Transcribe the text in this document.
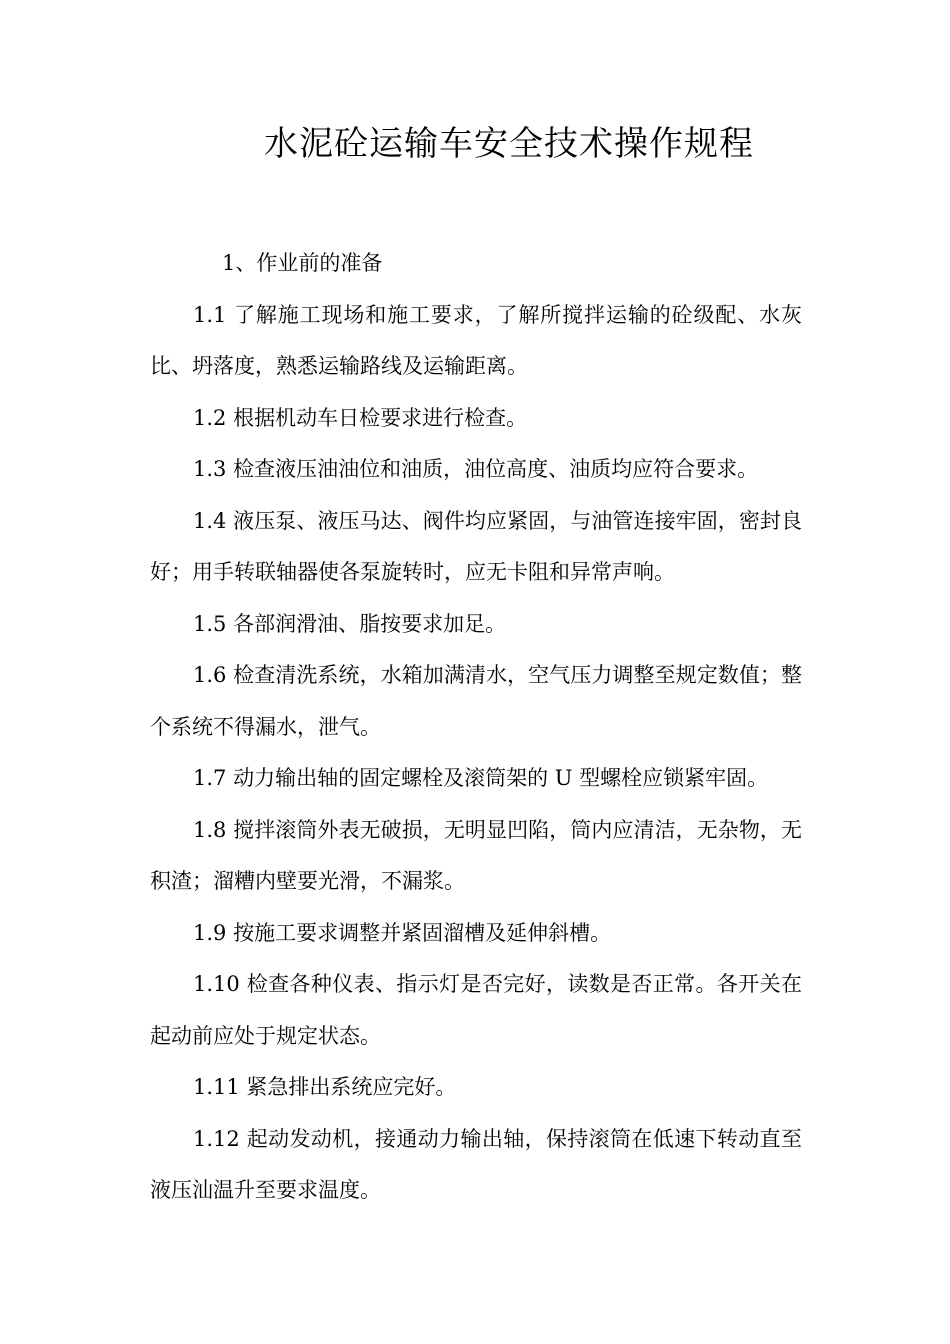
水泥砼运输车安全技术操作规程
1、作业前的准备

1.1 了解施工现场和施工要求，了解所搅拌运输的砼级配、水灰比、坍落度，熟悉运输路线及运输距离。

1.2 根据机动车日检要求进行检查。

1.3 检查液压油油位和油质，油位高度、油质均应符合要求。

1.4 液压泵、液压马达、阀件均应紧固，与油管连接牢固，密封良好；用手转联轴器使各泵旋转时，应无卡阻和异常声响。

1.5 各部润滑油、脂按要求加足。

1.6 检查清洗系统，水箱加满清水，空气压力调整至规定数值；整个系统不得漏水，泄气。

1.7 动力输出轴的固定螺栓及滚筒架的 U 型螺栓应锁紧牢固。

1.8 搅拌滚筒外表无破损，无明显凹陷，筒内应清洁，无杂物，无积渣；溜糟内壁要光滑，不漏浆。

1.9 按施工要求调整并紧固溜槽及延伸斜槽。

1.10 检查各种仪表、指示灯是否完好，读数是否正常。各开关在起动前应处于规定状态。

1.11 紧急排出系统应完好。

1.12 起动发动机，接通动力输出轴，保持滚筒在低速下转动直至液压汕温升至要求温度。
